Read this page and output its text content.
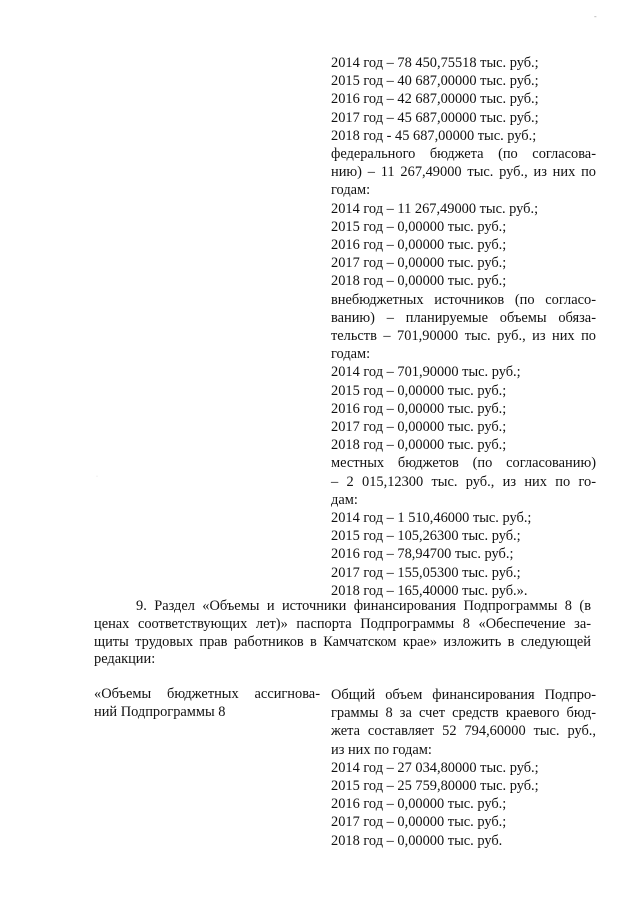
-
·
2014 год – 78 450,75518 тыс. руб.;
2015 год – 40 687,00000 тыс. руб.;
2016 год – 42 687,00000 тыс. руб.;
2017 год – 45 687,00000 тыс. руб.;
2018 год - 45 687,00000 тыс. руб.;
федерального бюджета (по согласова-
нию) – 11 267,49000 тыс. руб., из них по
годам:
2014 год – 11 267,49000 тыс. руб.;
2015 год – 0,00000 тыс. руб.;
2016 год – 0,00000 тыс. руб.;
2017 год – 0,00000 тыс. руб.;
2018 год – 0,00000 тыс. руб.;
внебюджетных источников (по согласо-
ванию) – планируемые объемы обяза-
тельств – 701,90000 тыс. руб., из них по
годам:
2014 год – 701,90000 тыс. руб.;
2015 год – 0,00000 тыс. руб.;
2016 год – 0,00000 тыс. руб.;
2017 год – 0,00000 тыс. руб.;
2018 год – 0,00000 тыс. руб.;
местных бюджетов (по согласованию)
– 2 015,12300 тыс. руб., из них по го-
дам:
2014 год – 1 510,46000 тыс. руб.;
2015 год – 105,26300 тыс. руб.;
2016 год – 78,94700 тыс. руб.;
2017 год – 155,05300 тыс. руб.;
2018 год – 165,40000 тыс. руб.».
9. Раздел «Объемы и источники финансирования Подпрограммы 8 (в
ценах соответствующих лет)» паспорта Подпрограммы 8 «Обеспечение за-
щиты трудовых прав работников в Камчатском крае» изложить в следующей
редакции:
«Объемы бюджетных ассигнова-
ний Подпрограммы 8
Общий объем финансирования Подпро-
граммы 8 за счет средств краевого бюд-
жета составляет 52 794,60000 тыс. руб.,
из них по годам:
2014 год – 27 034,80000 тыс. руб.;
2015 год – 25 759,80000 тыс. руб.;
2016 год – 0,00000 тыс. руб.;
2017 год – 0,00000 тыс. руб.;
2018 год – 0,00000 тыс. руб.
